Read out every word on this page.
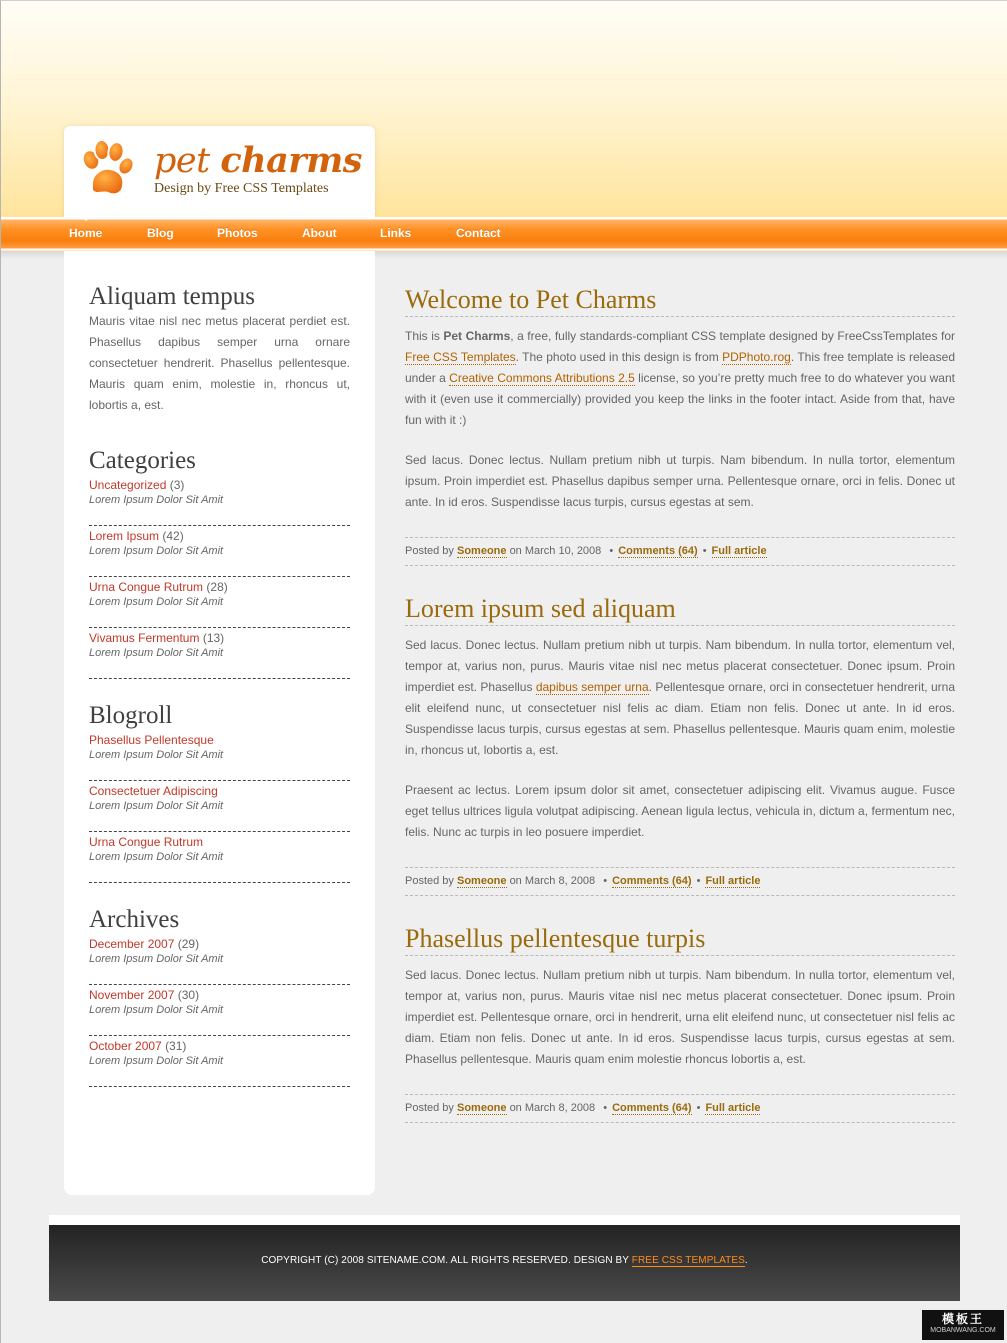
pet charms
Design by Free CSS Templates
Home	Blog	Photos	About	Links	Contact
Aliquam tempus

Mauris vitae nisl nec metus placerat perdiet est. Phasellus dapibus semper urna ornare consectetuer hendrerit. Phasellus pellentesque. Mauris quam enim, molestie in, rhoncus ut, lobortis a, est.

Categories
Uncategorized (3)
Lorem Ipsum Dolor Sit Amit
Lorem Ipsum (42)
Lorem Ipsum Dolor Sit Amit
Urna Congue Rutrum (28)
Lorem Ipsum Dolor Sit Amit
Vivamus Fermentum (13)
Lorem Ipsum Dolor Sit Amit
Blogroll
Phasellus Pellentesque
Lorem Ipsum Dolor Sit Amit
Consectetuer Adipiscing
Lorem Ipsum Dolor Sit Amit
Urna Congue Rutrum
Lorem Ipsum Dolor Sit Amit
Archives
December 2007 (29)
Lorem Ipsum Dolor Sit Amit
November 2007 (30)
Lorem Ipsum Dolor Sit Amit
October 2007 (31)
Lorem Ipsum Dolor Sit Amit
Welcome to Pet Charms

This is Pet Charms, a free, fully standards-compliant CSS template designed by FreeCssTemplates for Free CSS Templates. The photo used in this design is from PDPhoto.rog. This free template is released under a Creative Commons Attributions 2.5 license, so you’re pretty much free to do whatever you want with it (even use it commercially) provided you keep the links in the footer intact. Aside from that, have fun with it :)

Sed lacus. Donec lectus. Nullam pretium nibh ut turpis. Nam bibendum. In nulla tortor, elementum ipsum. Proin imperdiet est. Phasellus dapibus semper urna. Pellentesque ornare, orci in felis. Donec ut ante. In id eros. Suspendisse lacus turpis, cursus egestas at sem.

Posted by Someone on March 10, 2008 • Comments (64) • Full article
Lorem ipsum sed aliquam

Sed lacus. Donec lectus. Nullam pretium nibh ut turpis. Nam bibendum. In nulla tortor, elementum vel, tempor at, varius non, purus. Mauris vitae nisl nec metus placerat consectetuer. Donec ipsum. Proin imperdiet est. Phasellus dapibus semper urna. Pellentesque ornare, orci in consectetuer hendrerit, urna elit eleifend nunc, ut consectetuer nisl felis ac diam. Etiam non felis. Donec ut ante. In id eros. Suspendisse lacus turpis, cursus egestas at sem. Phasellus pellentesque. Mauris quam enim, molestie in, rhoncus ut, lobortis a, est.

Praesent ac lectus. Lorem ipsum dolor sit amet, consectetuer adipiscing elit. Vivamus augue. Fusce eget tellus ultrices ligula volutpat adipiscing. Aenean ligula lectus, vehicula in, dictum a, fermentum nec, felis. Nunc ac turpis in leo posuere imperdiet.

Posted by Someone on March 8, 2008 • Comments (64) • Full article
Phasellus pellentesque turpis

Sed lacus. Donec lectus. Nullam pretium nibh ut turpis. Nam bibendum. In nulla tortor, elementum vel, tempor at, varius non, purus. Mauris vitae nisl nec metus placerat consectetuer. Donec ipsum. Proin imperdiet est. Pellentesque ornare, orci in hendrerit, urna elit eleifend nunc, ut consectetuer nisl felis ac diam. Etiam non felis. Donec ut ante. In id eros. Suspendisse lacus turpis, cursus egestas at sem. Phasellus pellentesque. Mauris quam enim molestie rhoncus lobortis a, est.

Posted by Someone on March 8, 2008 • Comments (64) • Full article
COPYRIGHT (C) 2008 SITENAME.COM. ALL RIGHTS RESERVED. DESIGN BY FREE CSS TEMPLATES.
模板王
MOBANWANG.COM
